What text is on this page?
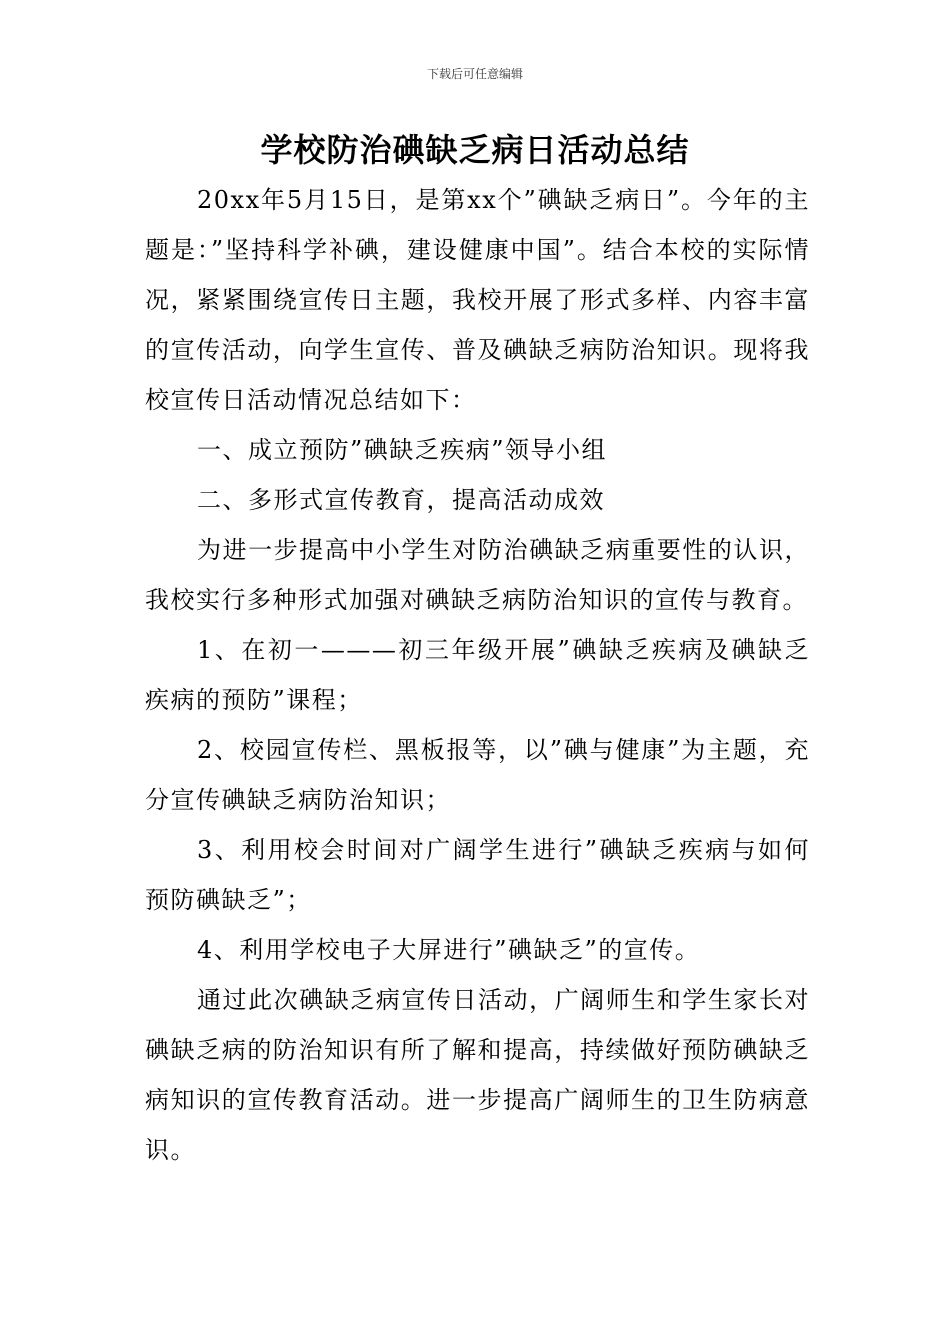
下载后可任意编辑
学校防治碘缺乏病日活动总结

20xx年5月15日，是第xx个”碘缺乏病日”。今年的主题是：”坚持科学补碘，建设健康中国”。结合本校的实际情况，紧紧围绕宣传日主题，我校开展了形式多样、内容丰富的宣传活动，向学生宣传、普及碘缺乏病防治知识。现将我校宣传日活动情况总结如下：

一、成立预防”碘缺乏疾病”领导小组

二、多形式宣传教育，提高活动成效

为进一步提高中小学生对防治碘缺乏病重要性的认识，我校实行多种形式加强对碘缺乏病防治知识的宣传与教育。

1、在初一———初三年级开展”碘缺乏疾病及碘缺乏疾病的预防”课程；

2、校园宣传栏、黑板报等，以”碘与健康”为主题，充分宣传碘缺乏病防治知识；

3、利用校会时间对广阔学生进行”碘缺乏疾病与如何预防碘缺乏”；

4、利用学校电子大屏进行”碘缺乏”的宣传。

通过此次碘缺乏病宣传日活动，广阔师生和学生家长对碘缺乏病的防治知识有所了解和提高，持续做好预防碘缺乏病知识的宣传教育活动。进一步提高广阔师生的卫生防病意识。
